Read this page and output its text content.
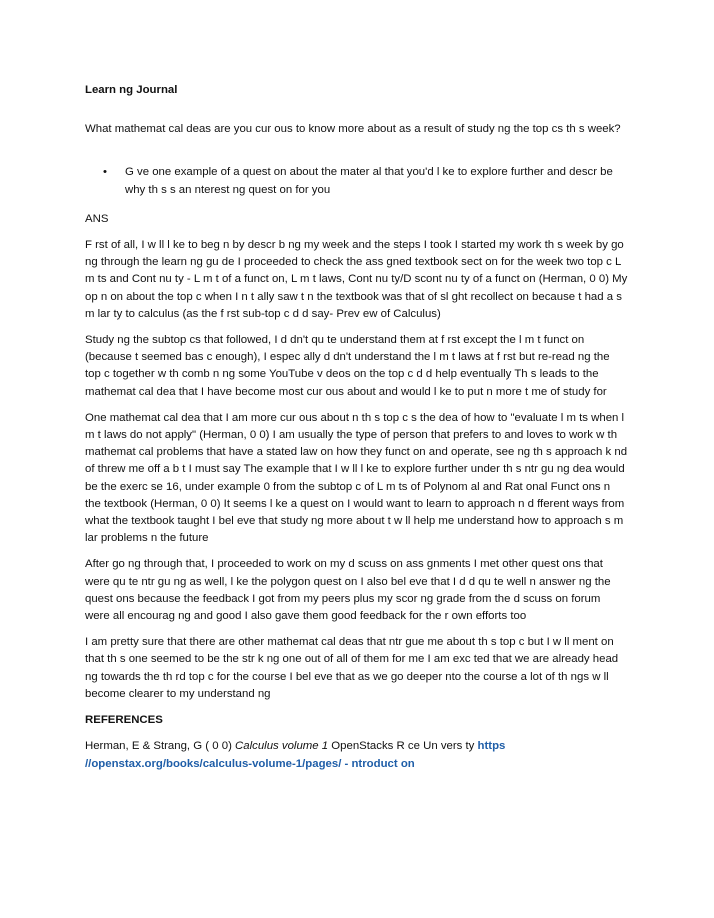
Learn ng Journal

What mathemat cal deas are you cur ous to know more about as a result of study ng the top cs th s week?

•	G ve one example of a quest on about the mater al that you'd l ke to explore further and descr be why th s s an nterest ng quest on for you

ANS

F rst of all, I w ll l ke to beg n by descr b ng my week and the steps I took I started my work th s week by go ng through the learn ng gu de I proceeded to check the ass gned textbook sect on for the week two top c L m ts and Cont nu ty - L m t of a funct on, L m t laws, Cont nu ty/D scont nu ty of a funct on (Herman, 0 0) My op n on about the top c when I n t ally saw t n the textbook was that of sl ght recollect on because t had a s m lar ty to calculus (as the f rst sub-top c d d say- Prev ew of Calculus)

Study ng the subtop cs that followed, I d dn't qu te understand them at f rst except the l m t funct on (because t seemed bas c enough), I espec ally d dn't understand the l m t laws at f rst but re-read ng the top c together w th comb n ng some YouTube v deos on the top c d d help eventually Th s leads to the mathemat cal dea that I have become most cur ous about and would l ke to put n more t me of study for

One mathemat cal dea that I am more cur ous about n th s top c s the dea of how to "evaluate l m ts when l m t laws do not apply" (Herman, 0 0) I am usually the type of person that prefers to and loves to work w th mathemat cal problems that have a stated law on how they funct on and operate, see ng th s approach k nd of threw me off a b t I must say The example that I w ll l ke to explore further under th s ntr gu ng dea would be the exerc se 16, under example 0 from the subtop c of L m ts of Polynom al and Rat onal Funct ons n the textbook (Herman, 0 0) It seems l ke a quest on I would want to learn to approach n d fferent ways from what the textbook taught I bel eve that study ng more about t w ll help me understand how to approach s m lar problems n the future

After go ng through that, I proceeded to work on my d scuss on ass gnments I met other quest ons that were qu te ntr gu ng as well, l ke the polygon quest on I also bel eve that I d d qu te well n answer ng the quest ons because the feedback I got from my peers plus my scor ng grade from the d scuss on forum were all encourag ng and good I also gave them good feedback for the r own efforts too

I am pretty sure that there are other mathemat cal deas that ntr gue me about th s top c but I w ll ment on that th s one seemed to be the str k ng one out of all of them for me I am exc ted that we are already head ng towards the th rd top c for the course I bel eve that as we go deeper nto the course a lot of th ngs w ll become clearer to my understand ng

REFERENCES

Herman, E & Strang, G ( 0 0) Calculus volume 1 OpenStacks R ce Un vers ty https //openstax.org/books/calculus-volume-1/pages/ - ntroduct on
